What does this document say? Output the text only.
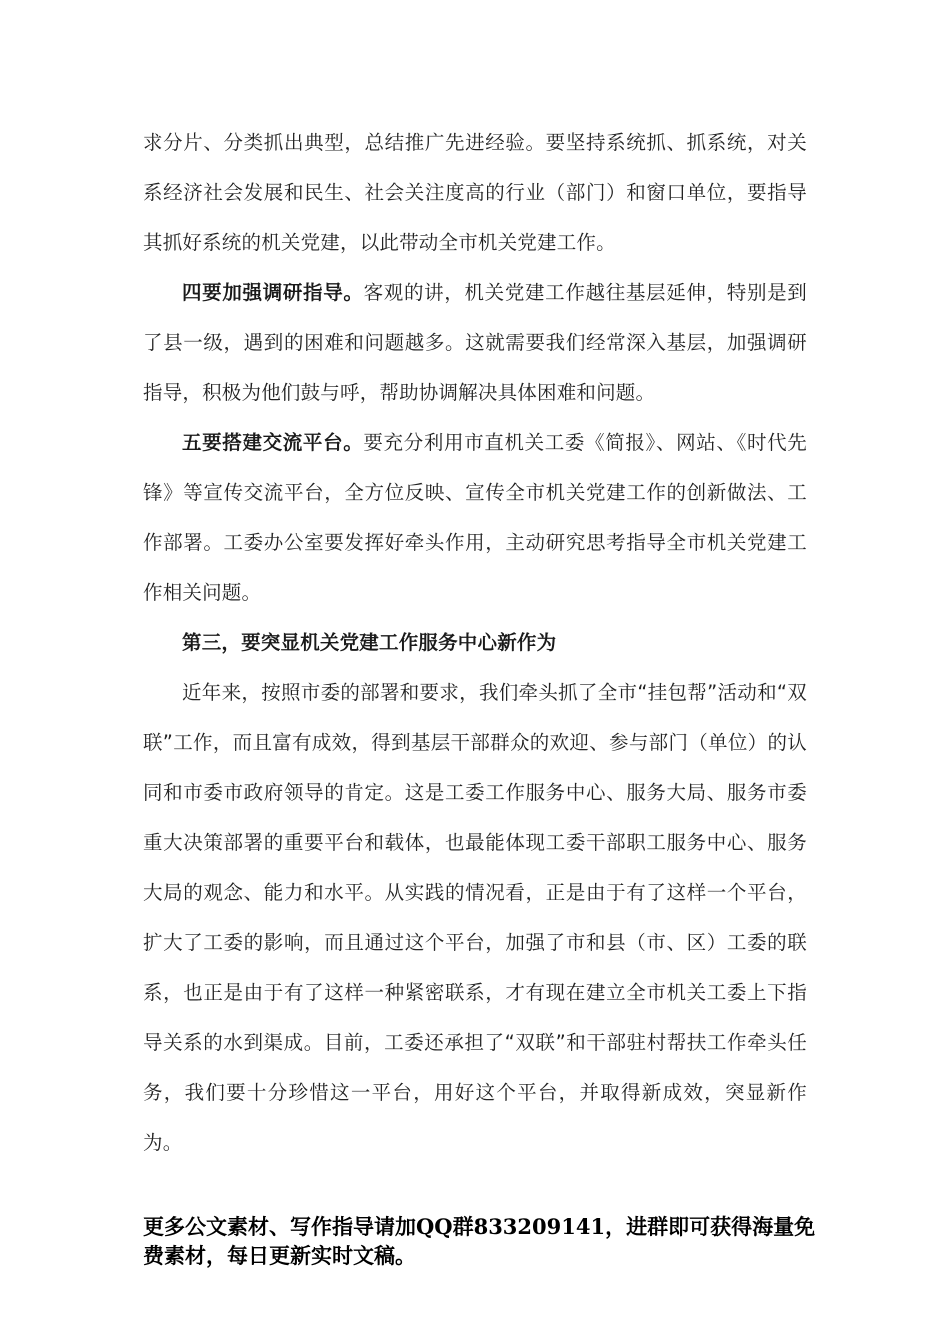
求分片、分类抓出典型，总结推广先进经验。要坚持系统抓、抓系统，对关系经济社会发展和民生、社会关注度高的行业（部门）和窗口单位，要指导其抓好系统的机关党建，以此带动全市机关党建工作。

四要加强调研指导。客观的讲，机关党建工作越往基层延伸，特别是到了县一级，遇到的困难和问题越多。这就需要我们经常深入基层，加强调研指导，积极为他们鼓与呼，帮助协调解决具体困难和问题。

五要搭建交流平台。要充分利用市直机关工委《简报》、网站、《时代先锋》等宣传交流平台，全方位反映、宣传全市机关党建工作的创新做法、工作部署。工委办公室要发挥好牵头作用，主动研究思考指导全市机关党建工作相关问题。

第三，要突显机关党建工作服务中心新作为

近年来，按照市委的部署和要求，我们牵头抓了全市“挂包帮”活动和“双联”工作，而且富有成效，得到基层干部群众的欢迎、参与部门（单位）的认同和市委市政府领导的肯定。这是工委工作服务中心、服务大局、服务市委重大决策部署的重要平台和载体，也最能体现工委干部职工服务中心、服务大局的观念、能力和水平。从实践的情况看，正是由于有了这样一个平台，扩大了工委的影响，而且通过这个平台，加强了市和县（市、区）工委的联系，也正是由于有了这样一种紧密联系，才有现在建立全市机关工委上下指导关系的水到渠成。目前，工委还承担了“双联”和干部驻村帮扶工作牵头任务，我们要十分珍惜这一平台，用好这个平台，并取得新成效，突显新作为。

更多公文素材、写作指导请加QQ群833209141，进群即可获得海量免费素材，每日更新实时文稿。
